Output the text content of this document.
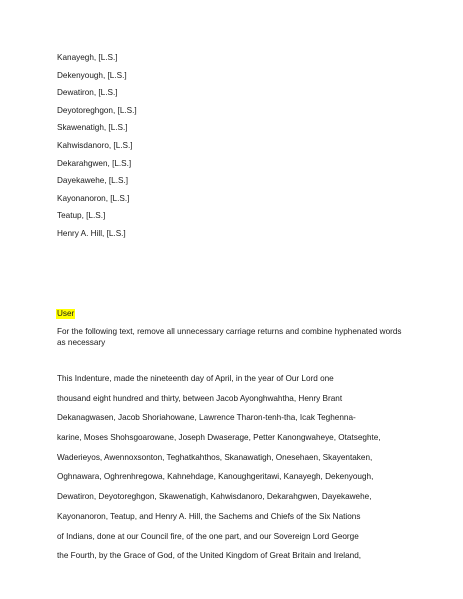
Kanayegh, [L.S.]
Dekenyough, [L.S.]
Dewatiron, [L.S.]
Deyotoreghgon, [L.S.]
Skawenatigh, [L.S.]
Kahwisdanoro, [L.S.]
Dekarahgwen, [L.S.]
Dayekawehe, [L.S.]
Kayonanoron, [L.S.]
Teatup, [L.S.]
Henry A. Hill, [L.S.]
User

For the following text, remove all unnecessary carriage returns and combine hyphenated words as necessary

This Indenture, made the nineteenth day of April, in the year of Our Lord one
thousand eight hundred and thirty, between Jacob Ayonghwahtha, Henry Brant
Dekanagwasen, Jacob Shoriahowane, Lawrence Tharon-tenh-tha, Icak Teghenna-
karine, Moses Shohsgoarowane, Joseph Dwaserage, Petter Kanongwaheye, Otatseghte,
Waderieyos, Awennoxsonton, Teghatkahthos, Skanawatigh, Onesehaen, Skayentaken,
Oghnawara, Oghrenhregowa, Kahnehdage, Kanoughgeritawi, Kanayegh, Dekenyough,
Dewatiron, Deyotoreghgon, Skawenatigh, Kahwisdanoro, Dekarahgwen, Dayekawehe,
Kayonanoron, Teatup, and Henry A. Hill, the Sachems and Chiefs of the Six Nations
of Indians, done at our Council fire, of the one part, and our Sovereign Lord George
the Fourth, by the Grace of God, of the United Kingdom of Great Britain and Ireland,
